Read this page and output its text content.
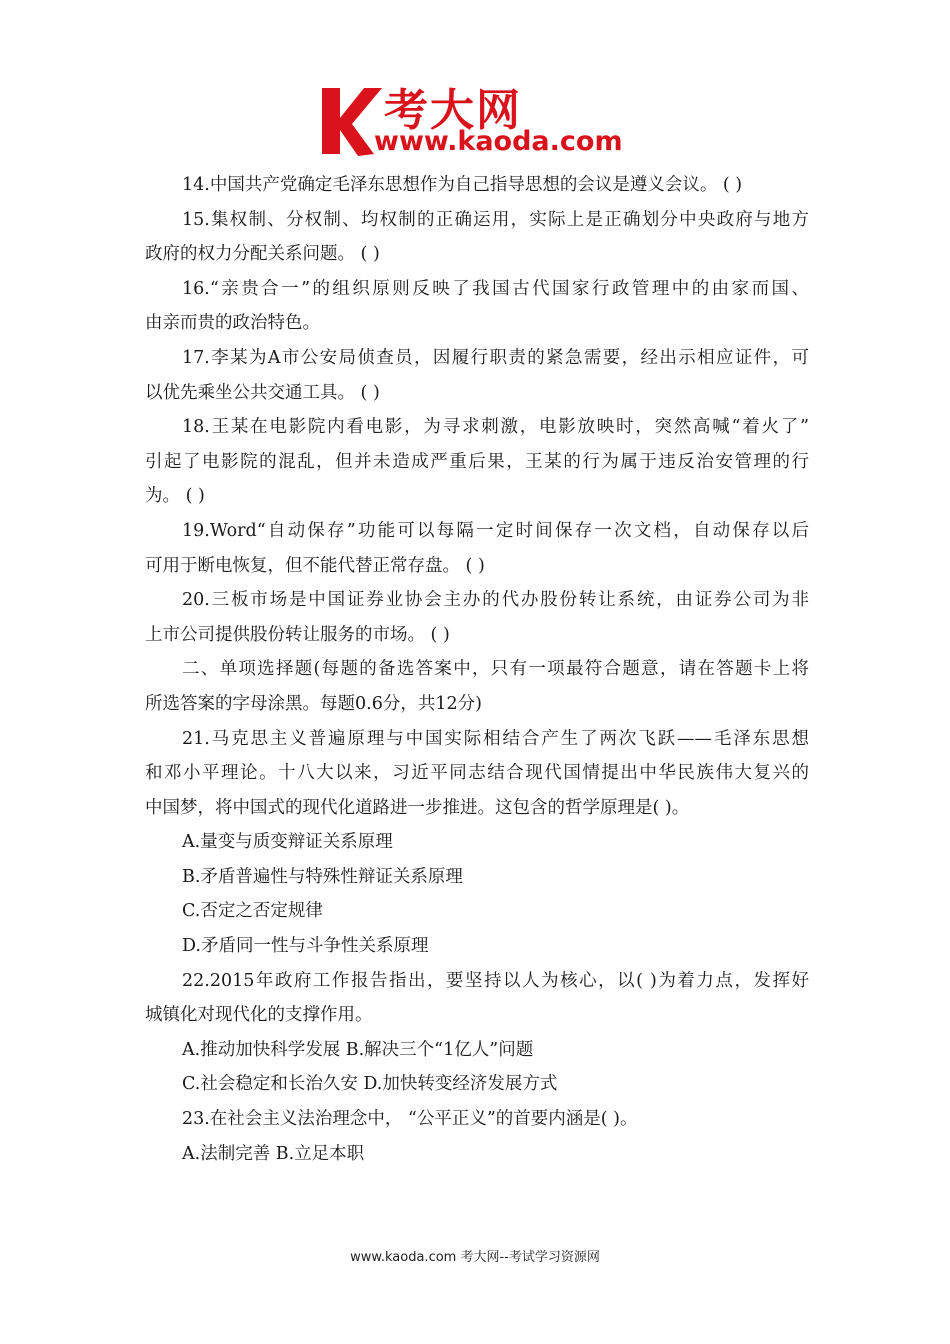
考大网
www.kaoda.com
14.中国共产党确定毛泽东思想作为自己指导思想的会议是遵义会议。 ( )
15.集权制、分权制、均权制的正确运用，实际上是正确划分中央政府与地方
政府的权力分配关系问题。 ( )
16.“亲贵合一”的组织原则反映了我国古代国家行政管理中的由家而国、
由亲而贵的政治特色。
17.李某为A市公安局侦查员，因履行职责的紧急需要，经出示相应证件，可
以优先乘坐公共交通工具。 ( )
18.王某在电影院内看电影，为寻求刺激，电影放映时，突然高喊“着火了”
引起了电影院的混乱，但并未造成严重后果，王某的行为属于违反治安管理的行
为。 ( )
19.Word“自动保存”功能可以每隔一定时间保存一次文档，自动保存以后
可用于断电恢复，但不能代替正常存盘。 ( )
20.三板市场是中国证券业协会主办的代办股份转让系统，由证券公司为非
上市公司提供股份转让服务的市场。 ( )
二、单项选择题(每题的备选答案中，只有一项最符合题意，请在答题卡上将
所选答案的字母涂黑。每题0.6分，共12分)
21.马克思主义普遍原理与中国实际相结合产生了两次飞跃——毛泽东思想
和邓小平理论。十八大以来，习近平同志结合现代国情提出中华民族伟大复兴的
中国梦，将中国式的现代化道路进一步推进。这包含的哲学原理是( )。
A.量变与质变辩证关系原理
B.矛盾普遍性与特殊性辩证关系原理
C.否定之否定规律
D.矛盾同一性与斗争性关系原理
22.2015年政府工作报告指出，要坚持以人为核心，以( )为着力点，发挥好
城镇化对现代化的支撑作用。
A.推动加快科学发展 B.解决三个“1亿人”问题
C.社会稳定和长治久安 D.加快转变经济发展方式
23.在社会主义法治理念中， “公平正义”的首要内涵是( )。
A.法制完善 B.立足本职
www.kaoda.com 考大网--考试学习资源网
